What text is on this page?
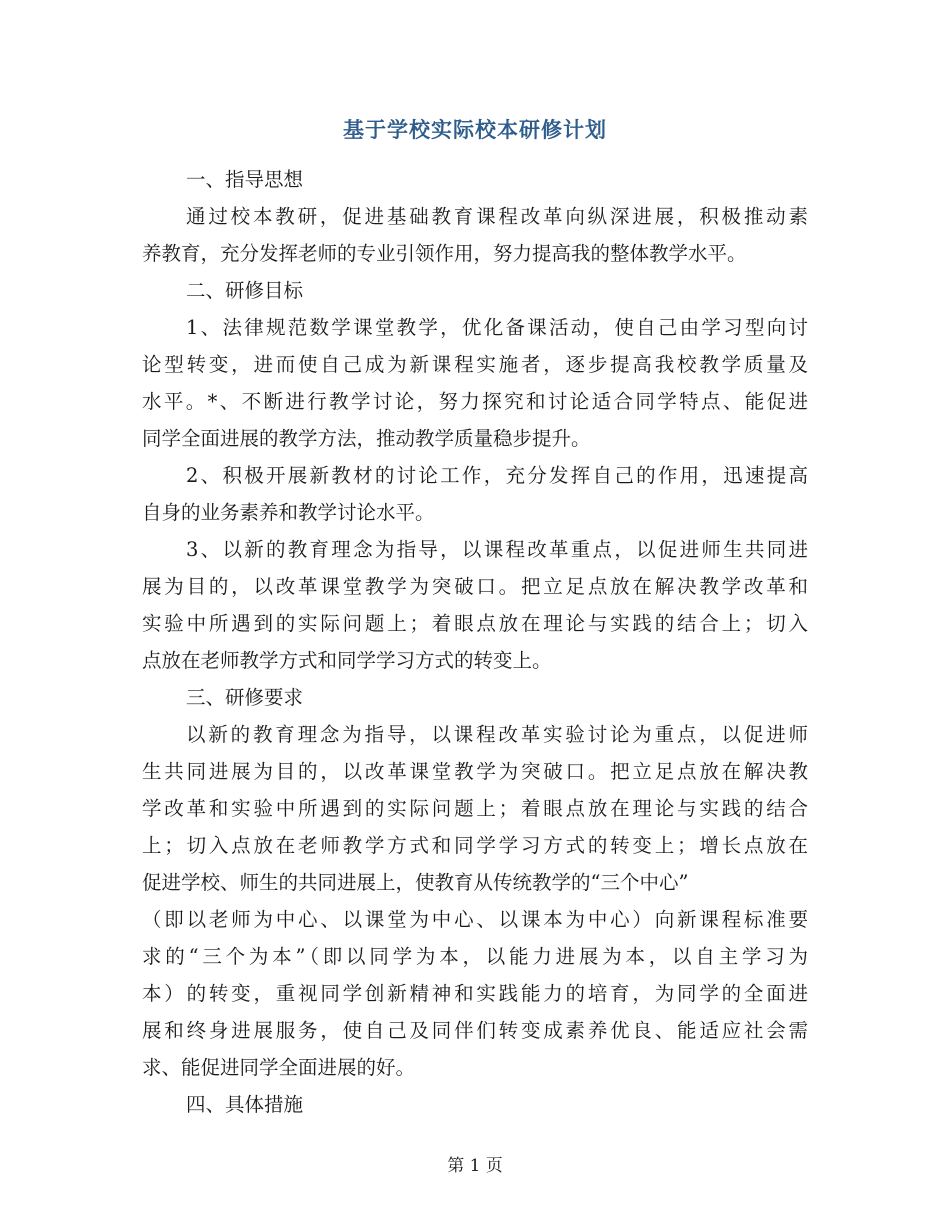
基于学校实际校本研修计划
一、指导思想
通过校本教研，促进基础教育课程改革向纵深进展，积极推动素
养教育，充分发挥老师的专业引领作用，努力提高我的整体教学水平。
二、研修目标
1、法律规范数学课堂教学，优化备课活动，使自己由学习型向讨
论型转变，进而使自己成为新课程实施者，逐步提高我校教学质量及
水平。*、不断进行教学讨论，努力探究和讨论适合同学特点、能促进
同学全面进展的教学方法，推动教学质量稳步提升。
2、积极开展新教材的讨论工作，充分发挥自己的作用，迅速提高
自身的业务素养和教学讨论水平。
3、以新的教育理念为指导，以课程改革重点，以促进师生共同进
展为目的，以改革课堂教学为突破口。把立足点放在解决教学改革和
实验中所遇到的实际问题上；着眼点放在理论与实践的结合上；切入
点放在老师教学方式和同学学习方式的转变上。
三、研修要求
以新的教育理念为指导，以课程改革实验讨论为重点，以促进师
生共同进展为目的，以改革课堂教学为突破口。把立足点放在解决教
学改革和实验中所遇到的实际问题上；着眼点放在理论与实践的结合
上；切入点放在老师教学方式和同学学习方式的转变上；增长点放在
促进学校、师生的共同进展上，使教育从传统教学的“三个中心”
（即以老师为中心、以课堂为中心、以课本为中心）向新课程标准要
求的“三个为本”（即以同学为本，以能力进展为本，以自主学习为
本）的转变，重视同学创新精神和实践能力的培育，为同学的全面进
展和终身进展服务，使自己及同伴们转变成素养优良、能适应社会需
求、能促进同学全面进展的好。
四、具体措施
第 1 页
